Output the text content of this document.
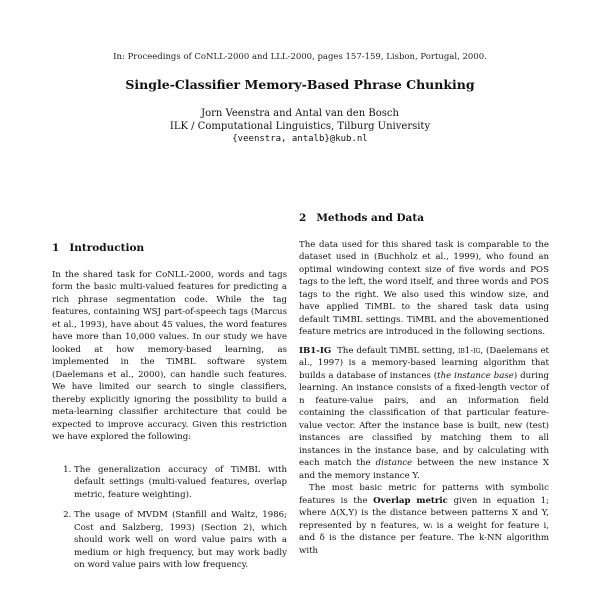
In: Proceedings of CoNLL-2000 and LLL-2000, pages 157-159, Lisbon, Portugal, 2000.
Single-Classifier Memory-Based Phrase Chunking
Jorn Veenstra and Antal van den Bosch
ILK / Computational Linguistics, Tilburg University
{veenstra, antalb}@kub.nl
1 Introduction

In the shared task for CoNLL-2000, words and tags form the basic multi-valued features for predicting a rich phrase segmentation code. While the tag features, containing WSJ part-of-speech tags (Marcus et al., 1993), have about 45 values, the word features have more than 10,000 values. In our study we have looked at how memory-based learning, as implemented in the TiMBL software system (Daelemans et al., 2000), can handle such features. We have limited our search to single classifiers, thereby explicitly ignoring the possibility to build a meta-learning classifier architecture that could be expected to improve accuracy. Given this restriction we have explored the following:

1. The generalization accuracy of TiMBL with default settings (multi-valued features, overlap metric, feature weighting).
2. The usage of MVDM (Stanfill and Waltz, 1986; Cost and Salzberg, 1993) (Section 2), which should work well on word value pairs with a medium or high frequency, but may work badly on word value pairs with low frequency.
2 Methods and Data

The data used for this shared task is comparable to the dataset used in (Buchholz et al., 1999), who found an optimal windowing context size of five words and POS tags to the left, the word itself, and three words and POS tags to the right. We also used this window size, and have applied TiMBL to the shared task data using default TiMBL settings. TiMBL and the abovementioned feature metrics are introduced in the following sections.

IB1-IG The default TiMBL setting, ib1-ig, (Daelemans et al., 1997) is a memory-based learning algorithm that builds a database of instances (the instance base) during learning. An instance consists of a fixed-length vector of n feature-value pairs, and an information field containing the classification of that particular feature-value vector. After the instance base is built, new (test) instances are classified by matching them to all instances in the instance base, and by calculating with each match the distance between the new instance X and the memory instance Y.

The most basic metric for patterns with symbolic features is the Overlap metric given in equation 1; where Δ(X,Y) is the distance between patterns X and Y, represented by n features, wᵢ is a weight for feature i, and δ is the distance per feature. The k-NN algorithm with
